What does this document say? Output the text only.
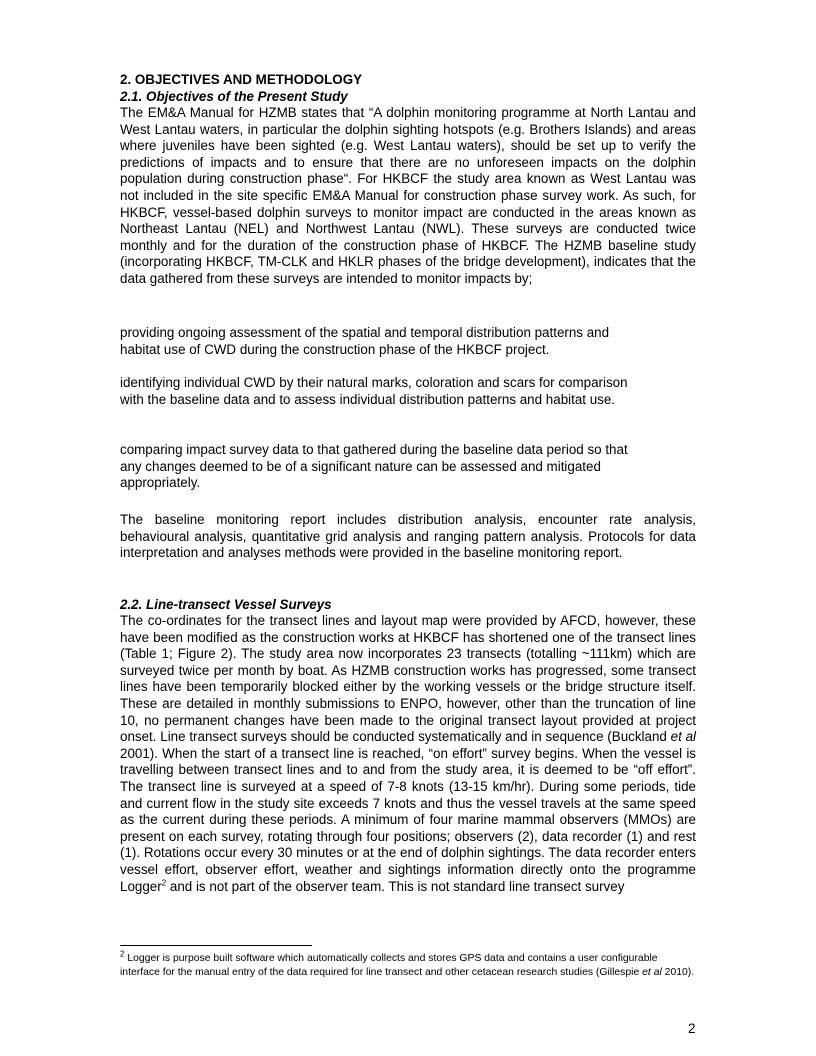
2. OBJECTIVES AND METHODOLOGY
2.1. Objectives of the Present Study

The EM&A Manual for HZMB states that “A dolphin monitoring programme at North Lantau and West Lantau waters, in particular the dolphin sighting hotspots (e.g. Brothers Islands) and areas where juveniles have been sighted (e.g. West Lantau waters), should be set up to verify the predictions of impacts and to ensure that there are no unforeseen impacts on the dolphin population during construction phase“. For HKBCF the study area known as West Lantau was not included in the site specific EM&A Manual for construction phase survey work. As such, for HKBCF, vessel-based dolphin surveys to monitor impact are conducted in the areas known as Northeast Lantau (NEL) and Northwest Lantau (NWL). These surveys are conducted twice monthly and for the duration of the construction phase of HKBCF. The HZMB baseline study (incorporating HKBCF, TM-CLK and HKLR phases of the bridge development), indicates that the data gathered from these surveys are intended to monitor impacts by;

providing ongoing assessment of the spatial and temporal distribution patterns and habitat use of CWD during the construction phase of the HKBCF project.

identifying individual CWD by their natural marks, coloration and scars for comparison with the baseline data and to assess individual distribution patterns and habitat use.

comparing impact survey data to that gathered during the baseline data period so that any changes deemed to be of a significant nature can be assessed and mitigated appropriately.

The baseline monitoring report includes distribution analysis, encounter rate analysis, behavioural analysis, quantitative grid analysis and ranging pattern analysis. Protocols for data interpretation and analyses methods were provided in the baseline monitoring report.

2.2. Line-transect Vessel Surveys

The co-ordinates for the transect lines and layout map were provided by AFCD, however, these have been modified as the construction works at HKBCF has shortened one of the transect lines (Table 1; Figure 2). The study area now incorporates 23 transects (totalling ~111km) which are surveyed twice per month by boat. As HZMB construction works has progressed, some transect lines have been temporarily blocked either by the working vessels or the bridge structure itself. These are detailed in monthly submissions to ENPO, however, other than the truncation of line 10, no permanent changes have been made to the original transect layout provided at project onset. Line transect surveys should be conducted systematically and in sequence (Buckland et al 2001). When the start of a transect line is reached, “on effort” survey begins. When the vessel is travelling between transect lines and to and from the study area, it is deemed to be “off effort”. The transect line is surveyed at a speed of 7-8 knots (13-15 km/hr). During some periods, tide and current flow in the study site exceeds 7 knots and thus the vessel travels at the same speed as the current during these periods. A minimum of four marine mammal observers (MMOs) are present on each survey, rotating through four positions; observers (2), data recorder (1) and rest (1). Rotations occur every 30 minutes or at the end of dolphin sightings. The data recorder enters vessel effort, observer effort, weather and sightings information directly onto the programme Logger$^2$ and is not part of the observer team. This is not standard line transect survey

$^2$ Logger is purpose built software which automatically collects and stores GPS data and contains a user configurable interface for the manual entry of the data required for line transect and other cetacean research studies (Gillespie et al 2010).

2
